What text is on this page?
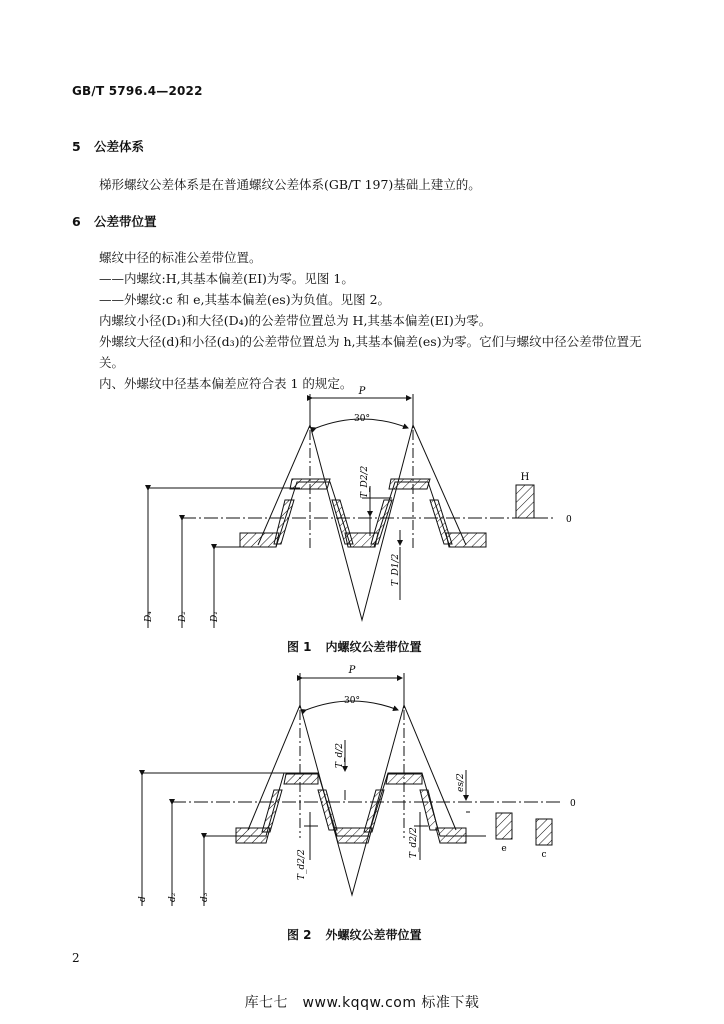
GB/T 5796.4—2022
5 公差体系
梯形螺纹公差体系是在普通螺纹公差体系(GB/T 197)基础上建立的。
6 公差带位置
螺纹中径的标准公差带位置。
——内螺纹:H,其基本偏差(EI)为零。见图 1。
——外螺纹:c 和 e,其基本偏差(es)为负值。见图 2。
内螺纹小径(D₁)和大径(D₄)的公差带位置总为 H,其基本偏差(EI)为零。
外螺纹大径(d)和小径(d₃)的公差带位置总为 h,其基本偏差(es)为零。它们与螺纹中径公差带位置无关。
内、外螺纹中径基本偏差应符合表 1 的规定。
P
30°
T_D2/2
T_D1/2
H
0
D₄	D₂ D₁
P
30°
T_d/2
es/2
T_d2/2
T_d2/2
0
e
c
d d₂ d₃
图 1 内螺纹公差带位置
图 2 外螺纹公差带位置
2
库七七　www.kqqw.com 标准下载
